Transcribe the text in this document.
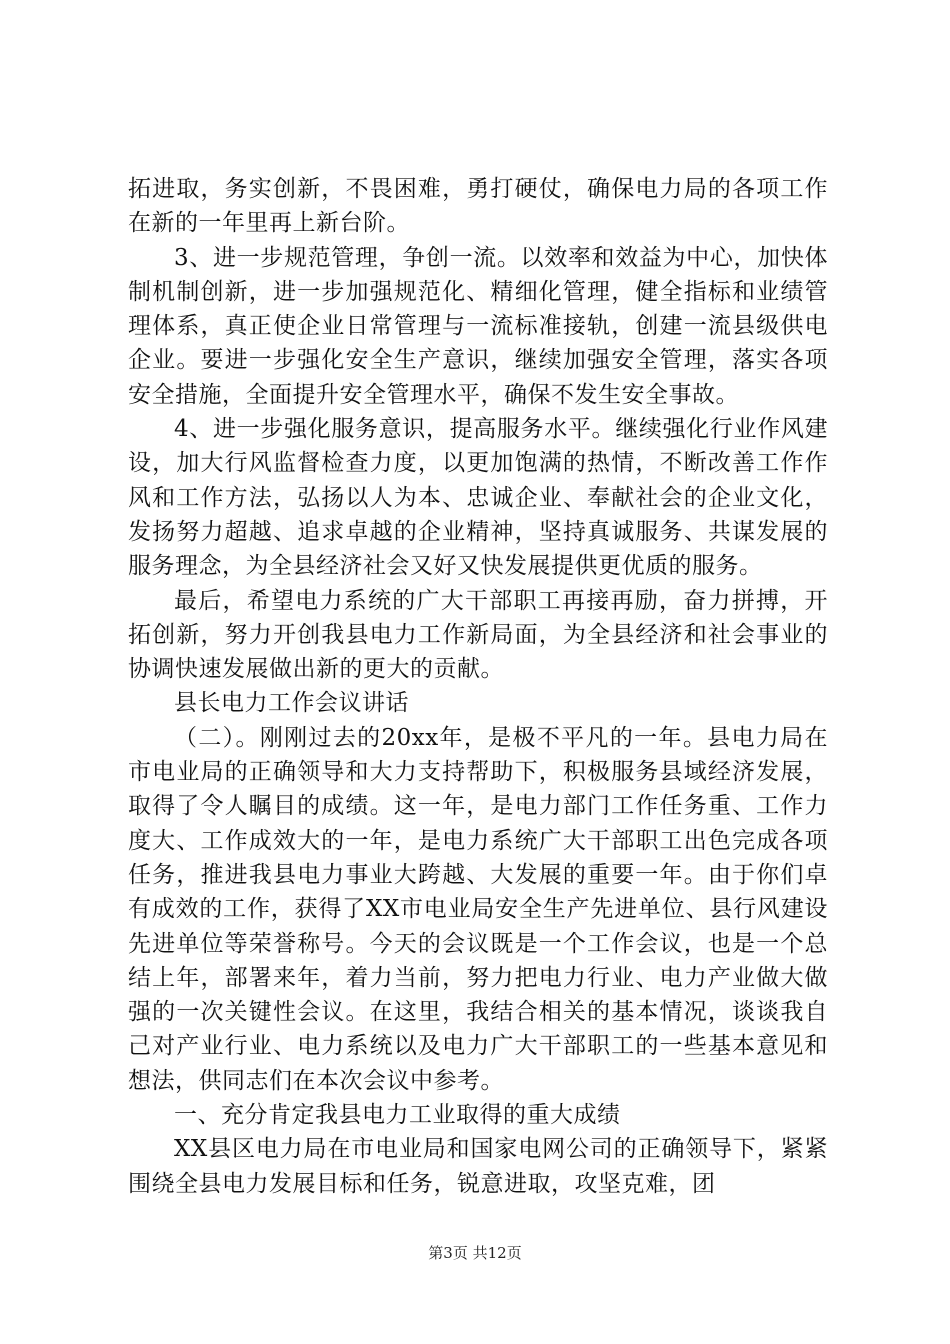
拓进取，务实创新，不畏困难，勇打硬仗，确保电力局的各项工作在新的一年里再上新台阶。

3、进一步规范管理，争创一流。以效率和效益为中心，加快体制机制创新，进一步加强规范化、精细化管理，健全指标和业绩管理体系，真正使企业日常管理与一流标准接轨，创建一流县级供电企业。要进一步强化安全生产意识，继续加强安全管理，落实各项安全措施，全面提升安全管理水平，确保不发生安全事故。

4、进一步强化服务意识，提高服务水平。继续强化行业作风建设，加大行风监督检查力度，以更加饱满的热情，不断改善工作作风和工作方法，弘扬以人为本、忠诚企业、奉献社会的企业文化，发扬努力超越、追求卓越的企业精神，坚持真诚服务、共谋发展的服务理念，为全县经济社会又好又快发展提供更优质的服务。

最后，希望电力系统的广大干部职工再接再励，奋力拼搏，开拓创新，努力开创我县电力工作新局面，为全县经济和社会事业的协调快速发展做出新的更大的贡献。

县长电力工作会议讲话

（二）。刚刚过去的20xx年，是极不平凡的一年。县电力局在市电业局的正确领导和大力支持帮助下，积极服务县域经济发展，取得了令人瞩目的成绩。这一年，是电力部门工作任务重、工作力度大、工作成效大的一年，是电力系统广大干部职工出色完成各项任务，推进我县电力事业大跨越、大发展的重要一年。由于你们卓有成效的工作，获得了XX市电业局安全生产先进单位、县行风建设先进单位等荣誉称号。今天的会议既是一个工作会议，也是一个总结上年，部署来年，着力当前，努力把电力行业、电力产业做大做强的一次关键性会议。在这里，我结合相关的基本情况，谈谈我自己对产业行业、电力系统以及电力广大干部职工的一些基本意见和想法，供同志们在本次会议中参考。

一、充分肯定我县电力工业取得的重大成绩

XX县区电力局在市电业局和国家电网公司的正确领导下，紧紧围绕全县电力发展目标和任务，锐意进取，攻坚克难，团

第3页 共12页
